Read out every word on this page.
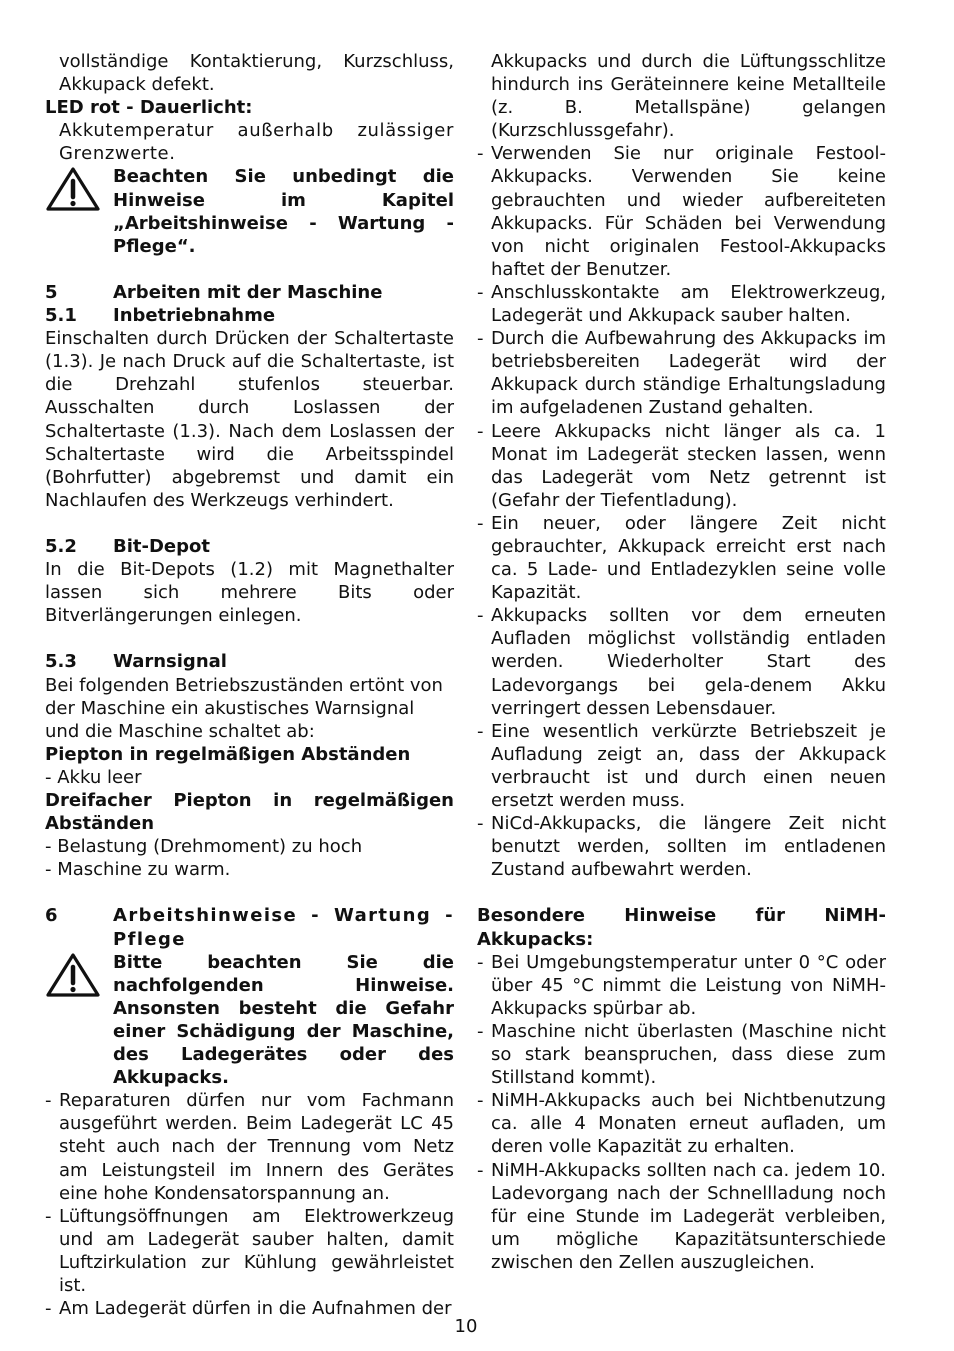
vollständige Kontaktierung, Kurzschluss, Akkupack defekt.

LED rot - Dauerlicht:

Akkutemperatur außerhalb zulässiger Grenzwerte.

Beachten Sie unbedingt die Hinweise im Kapitel „Arbeitshinweise - Wartung - Pflege“.

5	Arbeiten mit der Maschine
5.1	Inbetriebnahme

Einschalten durch Drücken der Schaltertaste (1.3). Je nach Druck auf die Schaltertaste, ist die Drehzahl stufenlos steuerbar. Ausschalten durch Loslassen der Schaltertaste (1.3). Nach dem Loslassen der Schaltertaste wird die Arbeitsspindel (Bohrfutter) abgebremst und damit ein Nachlaufen des Werkzeugs verhindert.

5.2	Bit-Depot

In die Bit-Depots (1.2) mit Magnethalter lassen sich mehrere Bits oder Bitverlängerungen einlegen.

5.3	Warnsignal

Bei folgenden Betriebszuständen ertönt von der Maschine ein akustisches Warnsignal und die Maschine schaltet ab:

Piepton in regelmäßigen Abständen

- Akku leer

Dreifacher Piepton in regelmäßigen Abständen

- Belastung (Drehmoment) zu hoch

- Maschine zu warm.

6	Arbeitshinweise - Wartung - Pflege

Bitte beachten Sie die nachfolgenden Hinweise. Ansonsten besteht die Gefahr einer Schädigung der Maschine, des Ladegerätes oder des Akkupacks.

- Reparaturen dürfen nur vom Fachmann ausgeführt werden. Beim Ladegerät LC 45 steht auch nach der Trennung vom Netz am Leistungsteil im Innern des Gerätes eine hohe Kondensatorspannung an.

- Lüftungsöffnungen am Elektrowerkzeug und am Ladegerät sauber halten, damit Luftzirkulation zur Kühlung gewährleistet ist.

- Am Ladegerät dürfen in die Aufnahmen der

Akkupacks und durch die Lüftungsschlitze hindurch ins Geräteinnere keine Metallteile (z. B. Metallspäne) gelangen (Kurzschlussgefahr).

- Verwenden Sie nur originale Festool-Akkupacks. Verwenden Sie keine gebrauchten und wieder aufbereiteten Akkupacks. Für Schäden bei Verwendung von nicht originalen Festool-Akkupacks haftet der Benutzer.

- Anschlusskontakte am Elektrowerkzeug, Ladegerät und Akkupack sauber halten.

- Durch die Aufbewahrung des Akkupacks im betriebsbereiten Ladegerät wird der Akkupack durch ständige Erhaltungsladung im aufgeladenen Zustand gehalten.

- Leere Akkupacks nicht länger als ca. 1 Monat im Ladegerät stecken lassen, wenn das Ladegerät vom Netz getrennt ist (Gefahr der Tiefentladung).

- Ein neuer, oder längere Zeit nicht gebrauchter, Akkupack erreicht erst nach ca. 5 Lade- und Entladezyklen seine volle Kapazität.

- Akkupacks sollten vor dem erneuten Aufladen möglichst vollständig entladen werden. Wiederholter Start des Ladevorgangs bei gela-denem Akku verringert dessen Lebensdauer.

- Eine wesentlich verkürzte Betriebszeit je Aufladung zeigt an, dass der Akkupack verbraucht ist und durch einen neuen ersetzt werden muss.

- NiCd-Akkupacks, die längere Zeit nicht benutzt werden, sollten im entladenen Zustand aufbewahrt werden.

Besondere Hinweise für NiMH-Akkupacks:

- Bei Umgebungstemperatur unter 0 °C oder über 45 °C nimmt die Leistung von NiMH-Akkupacks spürbar ab.

- Maschine nicht überlasten (Maschine nicht so stark beanspruchen, dass diese zum Stillstand kommt).

- NiMH-Akkupacks auch bei Nichtbenutzung ca. alle 4 Monaten erneut aufladen, um deren volle Kapazität zu erhalten.

- NiMH-Akkupacks sollten nach ca. jedem 10. Ladevorgang nach der Schnellladung noch für eine Stunde im Ladegerät verbleiben, um mögliche Kapazitätsunterschiede zwischen den Zellen auszugleichen.

10
